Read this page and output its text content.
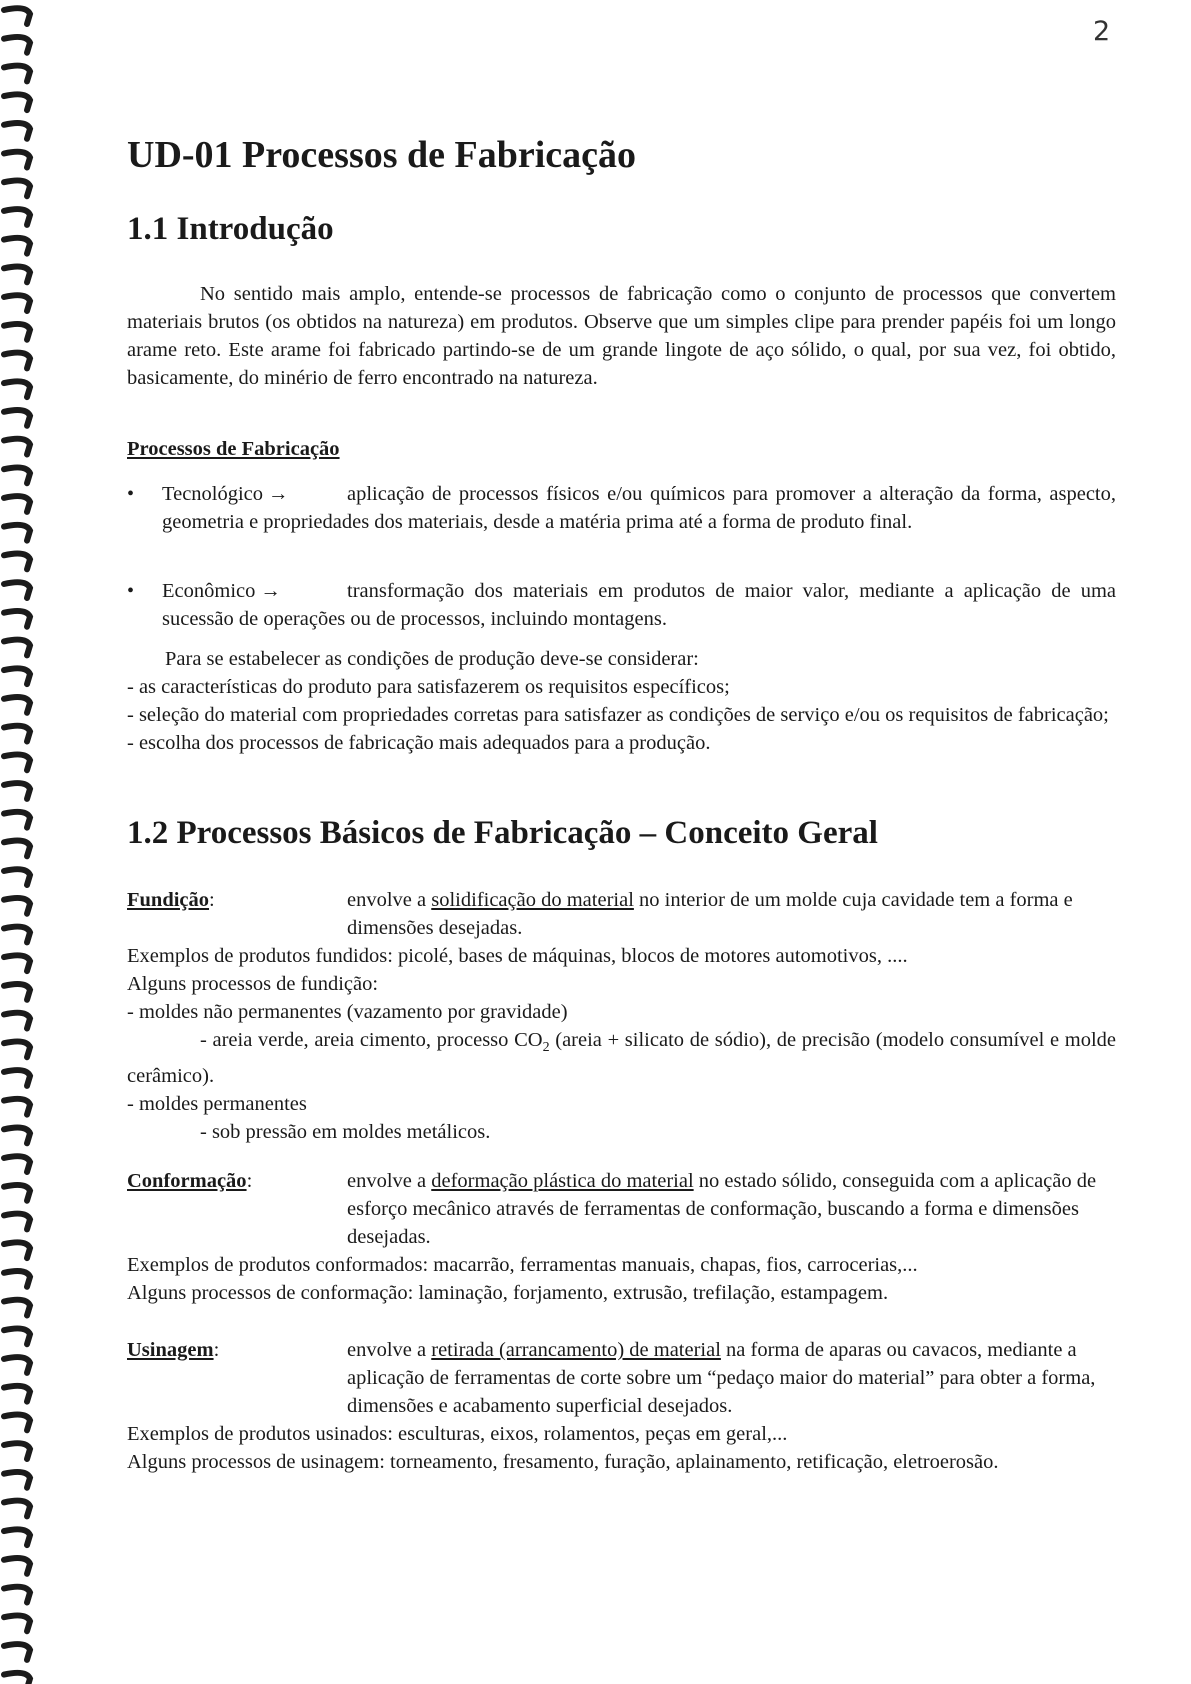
2
UD-01 Processos de Fabricação
1.1 Introdução

No sentido mais amplo, entende-se processos de fabricação como o conjunto de processos que convertem materiais brutos (os obtidos na natureza) em produtos. Observe que um simples clipe para prender papéis foi um longo arame reto. Este arame foi fabricado partindo-se de um grande lingote de aço sólido, o qual, por sua vez, foi obtido, basicamente, do minério de ferro encontrado na natureza.

Processos de Fabricação
• Tecnológico →	aplicação de processos físicos e/ou químicos para promover a alteração da forma, aspecto, geometria e propriedades dos materiais, desde a matéria prima até a forma de produto final.

• Econômico →	transformação dos materiais em produtos de maior valor, mediante a aplicação de uma sucessão de operações ou de processos, incluindo montagens.

Para se estabelecer as condições de produção deve-se considerar:

- as características do produto para satisfazerem os requisitos específicos;

- seleção do material com propriedades corretas para satisfazer as condições de serviço e/ou os requisitos de fabricação;

- escolha dos processos de fabricação mais adequados para a produção.

1.2 Processos Básicos de Fabricação – Conceito Geral
Fundição:	envolve a solidificação do material no interior de um molde cuja cavidade tem a forma e dimensões desejadas.

Exemplos de produtos fundidos: picolé, bases de máquinas, blocos de motores automotivos, ....

Alguns processos de fundição:

- moldes não permanentes (vazamento por gravidade)

- areia verde, areia cimento, processo $CO_2$ (areia + silicato de sódio), de precisão (modelo consumível e molde cerâmico).

- moldes permanentes

- sob pressão em moldes metálicos.

Conformação:	envolve a deformação plástica do material no estado sólido, conseguida com a aplicação de esforço mecânico através de ferramentas de conformação, buscando a forma e dimensões desejadas.

Exemplos de produtos conformados: macarrão, ferramentas manuais, chapas, fios, carrocerias,...

Alguns processos de conformação: laminação, forjamento, extrusão, trefilação, estampagem.

Usinagem:	envolve a retirada (arrancamento) de material na forma de aparas ou cavacos, mediante a aplicação de ferramentas de corte sobre um “pedaço maior do material” para obter a forma, dimensões e acabamento superficial desejados.

Exemplos de produtos usinados: esculturas, eixos, rolamentos, peças em geral,...

Alguns processos de usinagem: torneamento, fresamento, furação, aplainamento, retificação, eletroerosão.
